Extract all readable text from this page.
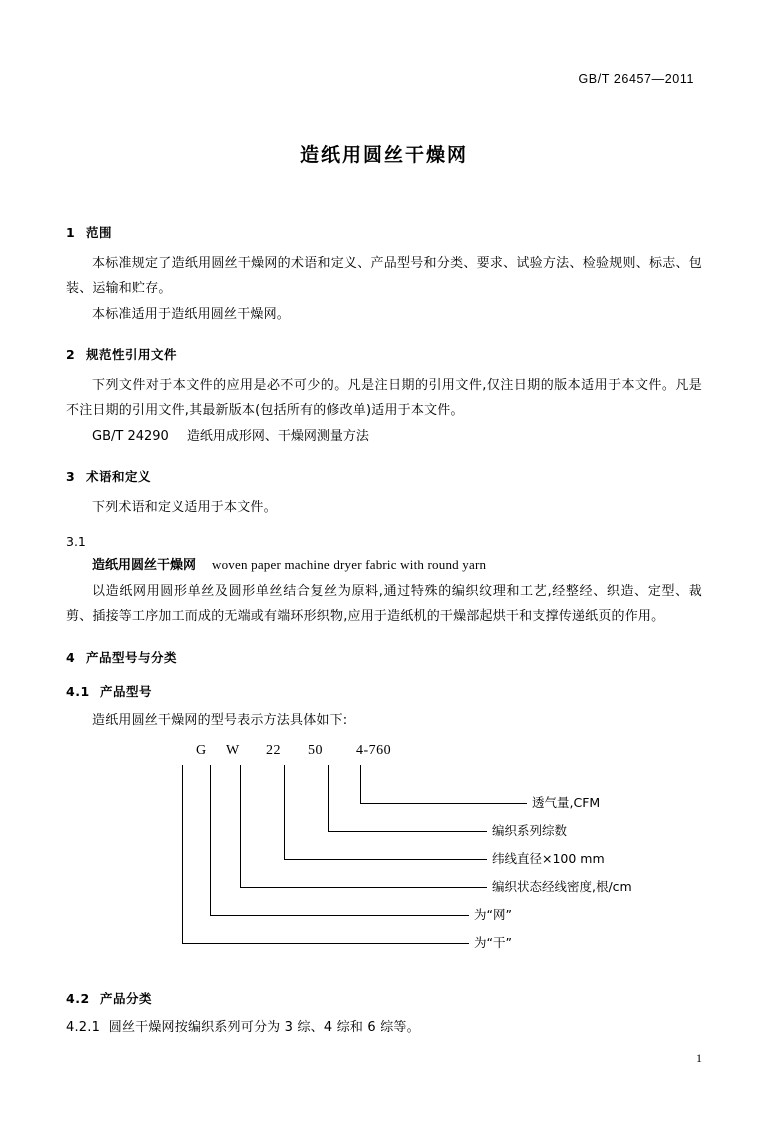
GB/T 26457—2011
造纸用圆丝干燥网
1 范围

本标准规定了造纸用圆丝干燥网的术语和定义、产品型号和分类、要求、试验方法、检验规则、标志、包装、运输和贮存。

本标准适用于造纸用圆丝干燥网。

2 规范性引用文件

下列文件对于本文件的应用是必不可少的。凡是注日期的引用文件,仅注日期的版本适用于本文件。凡是不注日期的引用文件,其最新版本(包括所有的修改单)适用于本文件。

GB/T 24290 造纸用成形网、干燥网测量方法

3 术语和定义

下列术语和定义适用于本文件。

3.1

造纸用圆丝干燥网 woven paper machine dryer fabric with round yarn

以造纸网用圆形单丝及圆形单丝结合复丝为原料,通过特殊的编织纹理和工艺,经整经、织造、定型、裁剪、插接等工序加工而成的无端或有端环形织物,应用于造纸机的干燥部起烘干和支撑传递纸页的作用。

4 产品型号与分类
4.1 产品型号

造纸用圆丝干燥网的型号表示方法具体如下:

G W 22 50 4-760
透气量,CFM
编织系列综数
纬线直径×100 mm
编织状态经线密度,根/cm
为“网”
为“干”
4.2 产品分类

4.2.1 圆丝干燥网按编织系列可分为 3 综、4 综和 6 综等。

1
